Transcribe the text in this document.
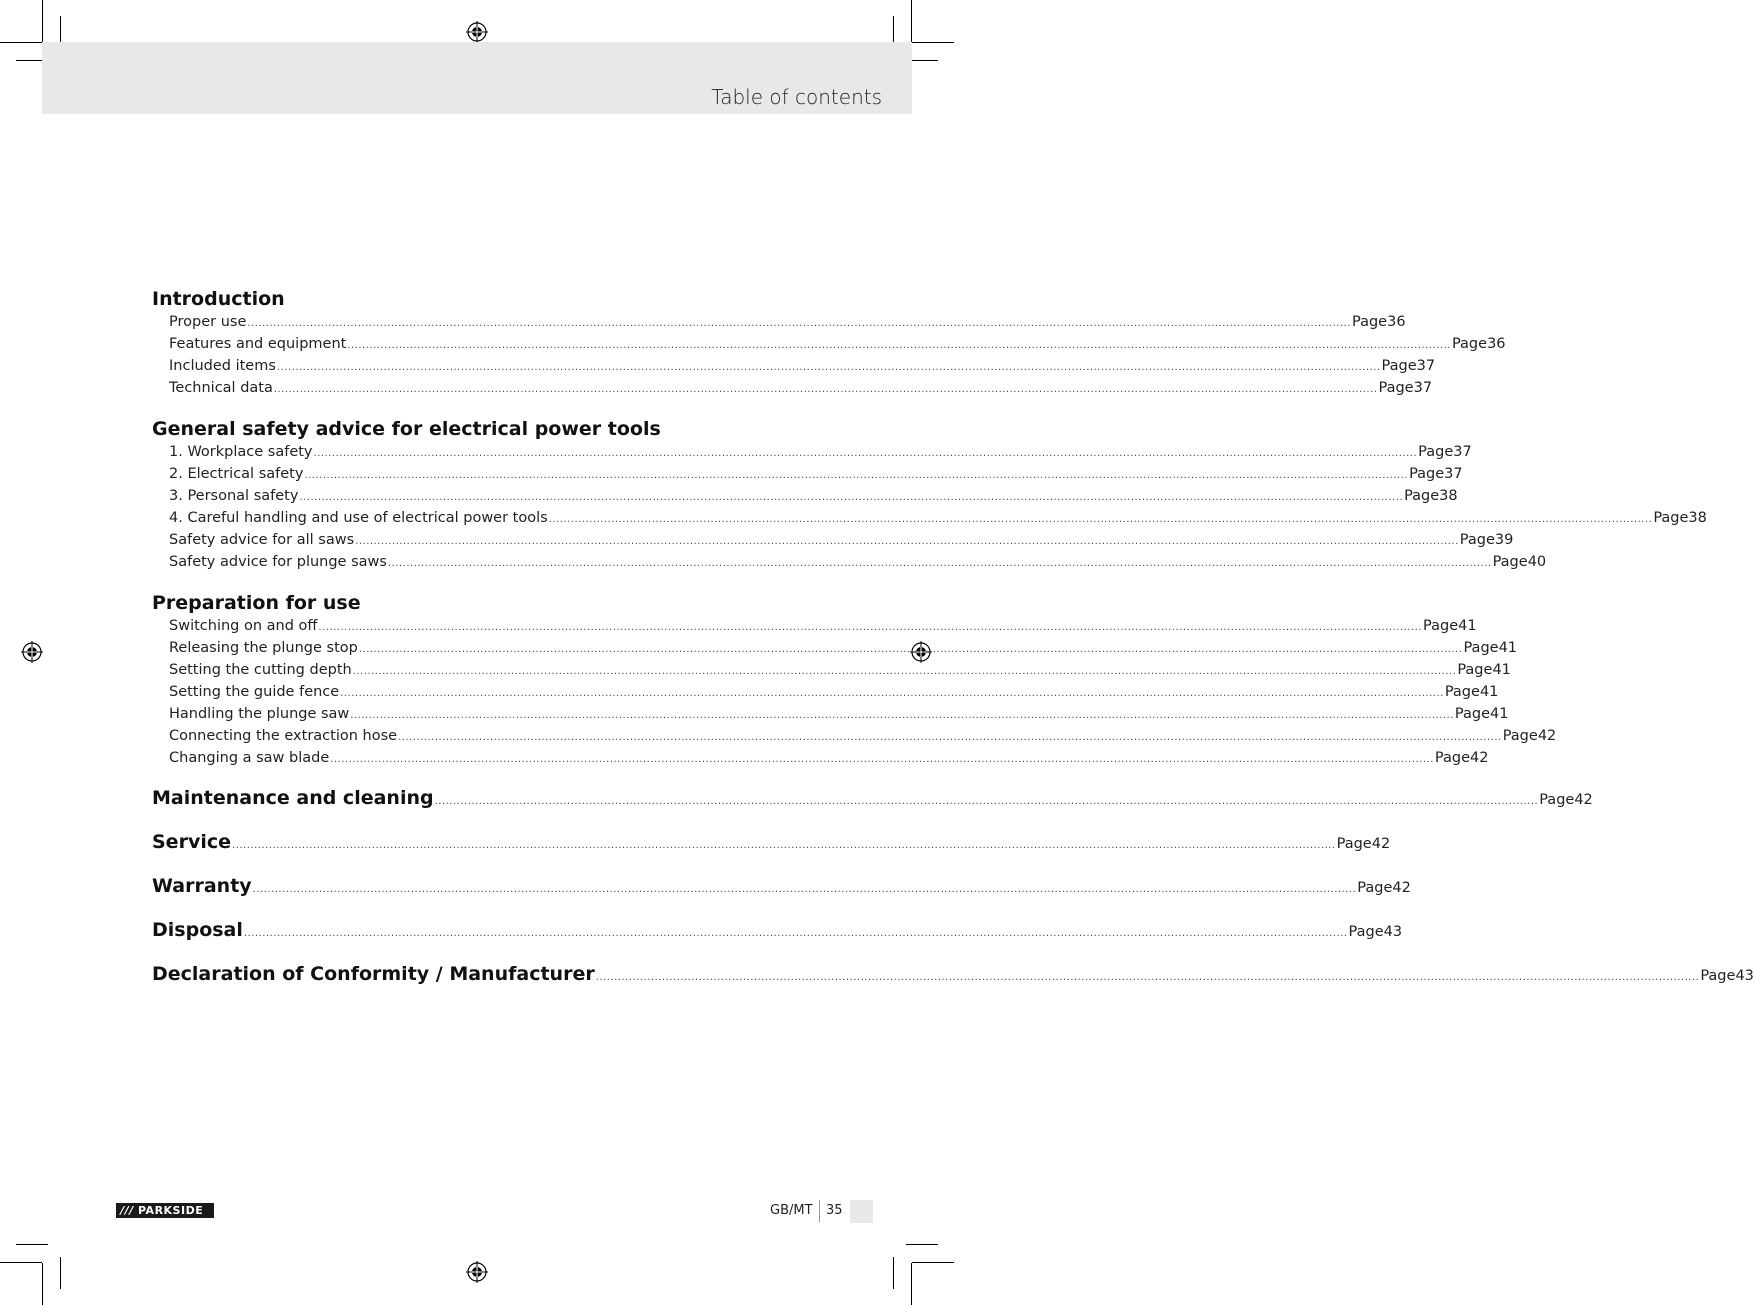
Table of contents
Introduction
Proper use ............................................................................................................................................................................................................................................................................................................ Page 36
Features and equipment ............................................................................................................................................................................................................................................................................................................ Page 36
Included items ............................................................................................................................................................................................................................................................................................................ Page 37
Technical data ............................................................................................................................................................................................................................................................................................................ Page 37
General safety advice for electrical power tools
1. Workplace safety ............................................................................................................................................................................................................................................................................................................ Page 37
2. Electrical safety ............................................................................................................................................................................................................................................................................................................ Page 37
3. Personal safety ............................................................................................................................................................................................................................................................................................................ Page 38
4. Careful handling and use of electrical power tools ............................................................................................................................................................................................................................................................................................................ Page 38
Safety advice for all saws ............................................................................................................................................................................................................................................................................................................ Page 39
Safety advice for plunge saws ............................................................................................................................................................................................................................................................................................................ Page 40
Preparation for use
Switching on and off ............................................................................................................................................................................................................................................................................................................ Page 41
Releasing the plunge stop ............................................................................................................................................................................................................................................................................................................ Page 41
Setting the cutting depth ............................................................................................................................................................................................................................................................................................................ Page 41
Setting the guide fence ............................................................................................................................................................................................................................................................................................................ Page 41
Handling the plunge saw ............................................................................................................................................................................................................................................................................................................ Page 41
Connecting the extraction hose ............................................................................................................................................................................................................................................................................................................ Page 42
Changing a saw blade ............................................................................................................................................................................................................................................................................................................ Page 42
Maintenance and cleaning ............................................................................................................................................................................................................................................................................................................ Page 42
Service ............................................................................................................................................................................................................................................................................................................ Page 42
Warranty ............................................................................................................................................................................................................................................................................................................ Page 42
Disposal ............................................................................................................................................................................................................................................................................................................ Page 43
Declaration of Conformity / Manufacturer ............................................................................................................................................................................................................................................................................................................ Page 43
/// PARKSIDE	GB/MT 35
